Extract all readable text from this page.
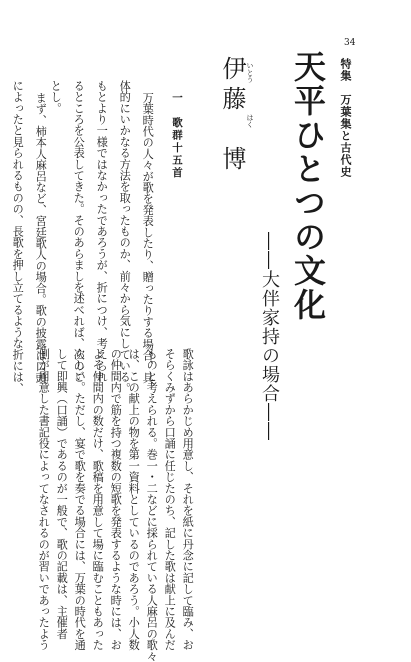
34
特集　万葉集と古代史
天平ひとつの文化
――大伴家持の場合――
伊藤　博 いとう
はく
一　歌群十五首
万葉時代の人々が歌を発表したり、贈ったりする場合、具
体的にいかなる方法を取ったものか、前々から気にしている。
もとより一様ではなかったであろうが、折につけ、考えられ
るところを公表してきた。そのあらましを述べれば、次のご
とし。
まず、柿本人麻呂など、宮廷歌人の場合。歌の披露は口頭
によったと見られるものの、長歌を押し立てるような折には、
歌詠はあらかじめ用意し、それを紙に丹念に記して臨み、お
そらくみずから口誦に任じたのち、記した歌は献上に及んだ
ものと考えられる。巻一・二などに採られている人麻呂の歌々
は、この献上の物を第一資料としているのであろう。小人数
の仲間内で筋を持つ複数の短歌を発表するような時には、お
よそ仲間内の数だけ、歌稿を用意して場に臨むこともあった
らしい。ただし、宴で歌を奏でる場合には、万葉の時代を通
して即興（口誦）であるのが一般で、歌の記載は、主催者
側が用意した書記役によってなされるのが習いであったよう
